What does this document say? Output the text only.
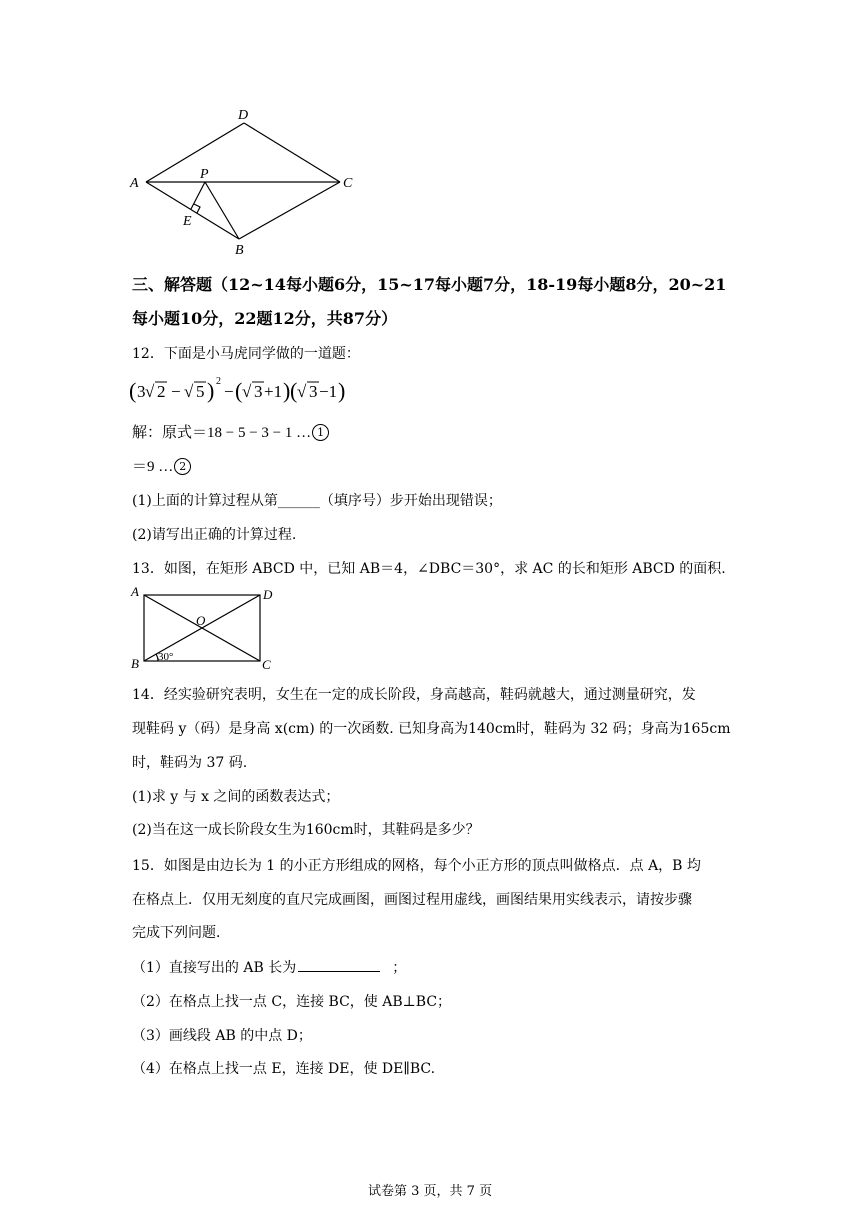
A
D
C
P
E
B
三、解答题（12~14每小题6分，15~17每小题7分，18-19每小题8分，20~21
每小题10分，22题12分，共87分）
12．下面是小马虎同学做的一道题：
( 3 √ 2 − √ 5 ) 2
− ( √ 3 +1 ) ( √ 3 −1 )
解：原式＝18 − 5 − 3 − 1 … 1
＝9 … 2
(1)上面的计算过程从第______（填序号）步开始出现错误；
(2)请写出正确的计算过程.
13．如图，在矩形 ABCD 中，已知 AB＝4，∠DBC＝30°，求 AC 的长和矩形 ABCD 的面积.
A	D
O
B	C
30°
14．经实验研究表明，女生在一定的成长阶段，身高越高，鞋码就越大，通过测量研究，发
现鞋码 y（码）是身高 x(cm) 的一次函数. 已知身高为140cm时，鞋码为 32 码；身高为165cm
时，鞋码为 37 码.
(1)求 y 与 x 之间的函数表达式；
(2)当在这一成长阶段女生为160cm时，其鞋码是多少？
15．如图是由边长为 1 的小正方形组成的网格，每个小正方形的顶点叫做格点．点 A，B 均
在格点上．仅用无刻度的直尺完成画图，画图过程用虚线，画图结果用实线表示，请按步骤
完成下列问题．
（1）直接写出的 AB 长为	；
（2）在格点上找一点 C，连接 BC，使 AB⊥BC；
（3）画线段 AB 的中点 D；
（4）在格点上找一点 E，连接 DE，使 DE∥BC.
试卷第 3 页，共 7 页
